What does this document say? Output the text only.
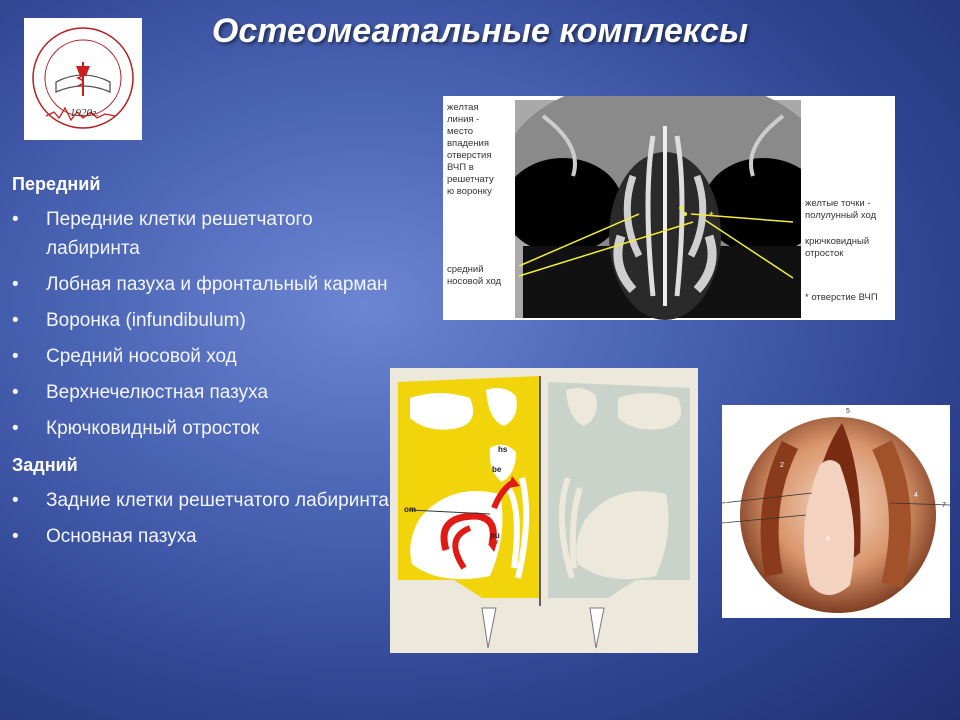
Остеомеатальные комплексы
1920г.
Передний
• Передние клетки решетчатого лабиринта
• Лобная пазуха и фронтальный карман
• Воронка (infundibulum)
• Средний носовой ход
• Верхнечелюстная пазуха
• Крючковидный отросток
Задний
• Задние клетки решетчатого лабиринта
• Основная пазуха
*
желтая
линия -
место
впадения
отверстия
ВЧП в
решетчату
ю воронку
средний
носовой ход
желтые точки -
полулунный ход
крючковидный
отросток
* отверстие ВЧП
hs
be
om
pu
1
2
3
4
5
6
7
